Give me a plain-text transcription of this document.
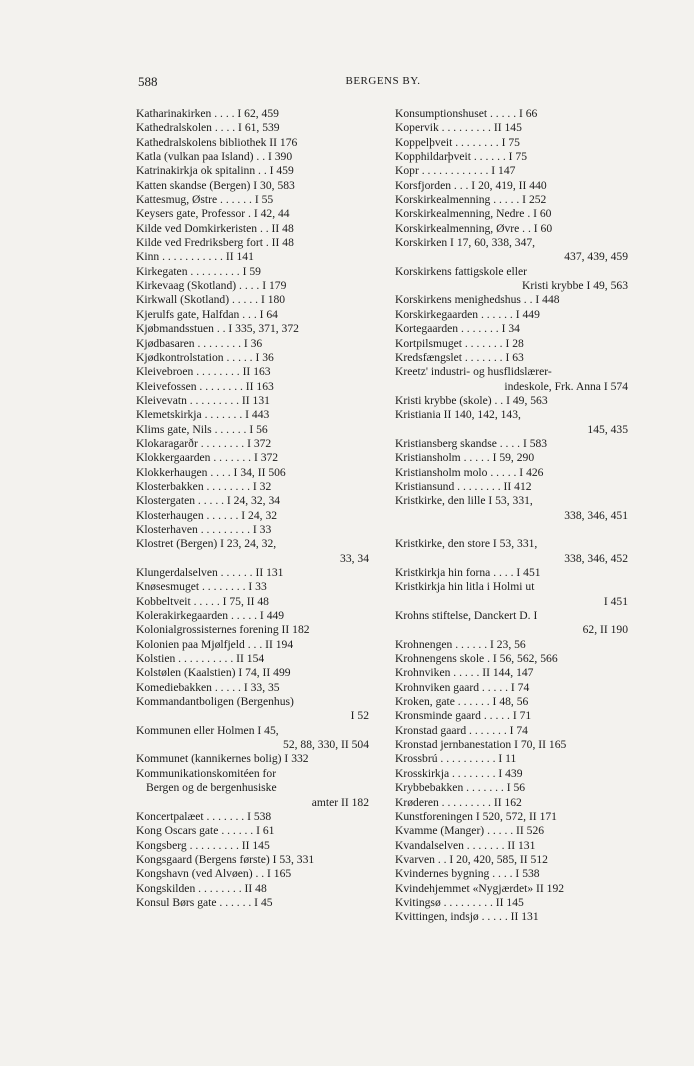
588	BERGENS BY.
Katharinakirken . . . . I 62, 459
Kathedralskolen . . . . I 61, 539
Kathedralskolens bibliothek II 176
Katla (vulkan paa Island) . . I 390
Katrinakirkja ok spitalinn . . I 459
Katten skandse (Bergen) I 30, 583
Kattesmug, Østre . . . . . . I 55
Keysers gate, Professor . I 42, 44
Kilde ved Domkirkeristen . . II 48
Kilde ved Fredriksberg fort . II 48
Kinn . . . . . . . . . . . II 141
Kirkegaten . . . . . . . . . I 59
Kirkevaag (Skotland) . . . . I 179
Kirkwall (Skotland) . . . . . I 180
Kjerulfs gate, Halfdan . . . I 64
Kjøbmandsstuen . . I 335, 371, 372
Kjødbasaren . . . . . . . . I 36
Kjødkontrolstation . . . . . I 36
Kleivebroen . . . . . . . . II 163
Kleivefossen . . . . . . . . II 163
Kleivevatn . . . . . . . . . II 131
Klemetskirkja . . . . . . . I 443
Klims gate, Nils . . . . . . I 56
Klokaragarðr . . . . . . . . I 372
Klokkergaarden . . . . . . . I 372
Klokkerhaugen . . . . I 34, II 506
Klosterbakken . . . . . . . . I 32
Klostergaten . . . . . I 24, 32, 34
Klosterhaugen . . . . . . I 24, 32
Klosterhaven . . . . . . . . . I 33
Klostret (Bergen) I 23, 24, 32,
33, 34
Klungerdalselven . . . . . . II 131
Knøsesmuget . . . . . . . . I 33
Kobbeltveit . . . . . I 75, II 48
Kolerakirkegaarden . . . . . I 449
Kolonialgrossisternes forening II 182
Kolonien paa Mjølfjeld . . . II 194
Kolstien . . . . . . . . . . II 154
Kolstølen (Kaalstien) I 74, II 499
Komediebakken . . . . . I 33, 35
Kommandantboligen (Bergenhus)
I 52
Kommunen eller Holmen I 45,
52, 88, 330, II 504
Kommunet (kannikernes bolig) I 332
Kommunikationskomitéen for
Bergen og de bergenhusiske
amter II 182
Koncertpalæet . . . . . . . I 538
Kong Oscars gate . . . . . . I 61
Kongsberg . . . . . . . . . II 145
Kongsgaard (Bergens første) I 53, 331
Kongshavn (ved Alvøen) . . I 165
Kongskilden . . . . . . . . II 48
Konsul Børs gate . . . . . . I 45
Konsumptionshuset . . . . . I 66
Kopervik . . . . . . . . . II 145
Koppelþveit . . . . . . . . I 75
Kopphildarþveit . . . . . . I 75
Kopr . . . . . . . . . . . . I 147
Korsfjorden . . . I 20, 419, II 440
Korskirkealmenning . . . . . I 252
Korskirkealmenning, Nedre . I 60
Korskirkealmenning, Øvre . . I 60
Korskirken I 17, 60, 338, 347,
437, 439, 459
Korskirkens fattigskole eller
Kristi krybbe I 49, 563
Korskirkens menighedshus . . I 448
Korskirkegaarden . . . . . . I 449
Kortegaarden . . . . . . . I 34
Kortpilsmuget . . . . . . . I 28
Kredsfængslet . . . . . . . I 63
Kreetz' industri- og husflidslærer-
indeskole, Frk. Anna I 574
Kristi krybbe (skole) . . I 49, 563
Kristiania II 140, 142, 143,
145, 435
Kristiansberg skandse . . . . I 583
Kristiansholm . . . . . I 59, 290
Kristiansholm molo . . . . . I 426
Kristiansund . . . . . . . . II 412
Kristkirke, den lille I 53, 331,
338, 346, 451
Kristkirke, den store I 53, 331,
338, 346, 452
Kristkirkja hin forna . . . . I 451
Kristkirkja hin litla i Holmi ut
I 451
Krohns stiftelse, Danckert D. I
62, II 190
Krohnengen . . . . . . I 23, 56
Krohnengens skole . I 56, 562, 566
Krohnviken . . . . . II 144, 147
Krohnviken gaard . . . . . I 74
Kroken, gate . . . . . . I 48, 56
Kronsminde gaard . . . . . I 71
Kronstad gaard . . . . . . . I 74
Kronstad jernbanestation I 70, II 165
Krossbrú . . . . . . . . . . I 11
Krosskirkja . . . . . . . . I 439
Krybbebakken . . . . . . . I 56
Krøderen . . . . . . . . . II 162
Kunstforeningen I 520, 572, II 171
Kvamme (Manger) . . . . . II 526
Kvandalselven . . . . . . . II 131
Kvarven . . I 20, 420, 585, II 512
Kvindernes bygning . . . . I 538
Kvindehjemmet «Nygjærdet» II 192
Kvitingsø . . . . . . . . . II 145
Kvittingen, indsjø . . . . . II 131
